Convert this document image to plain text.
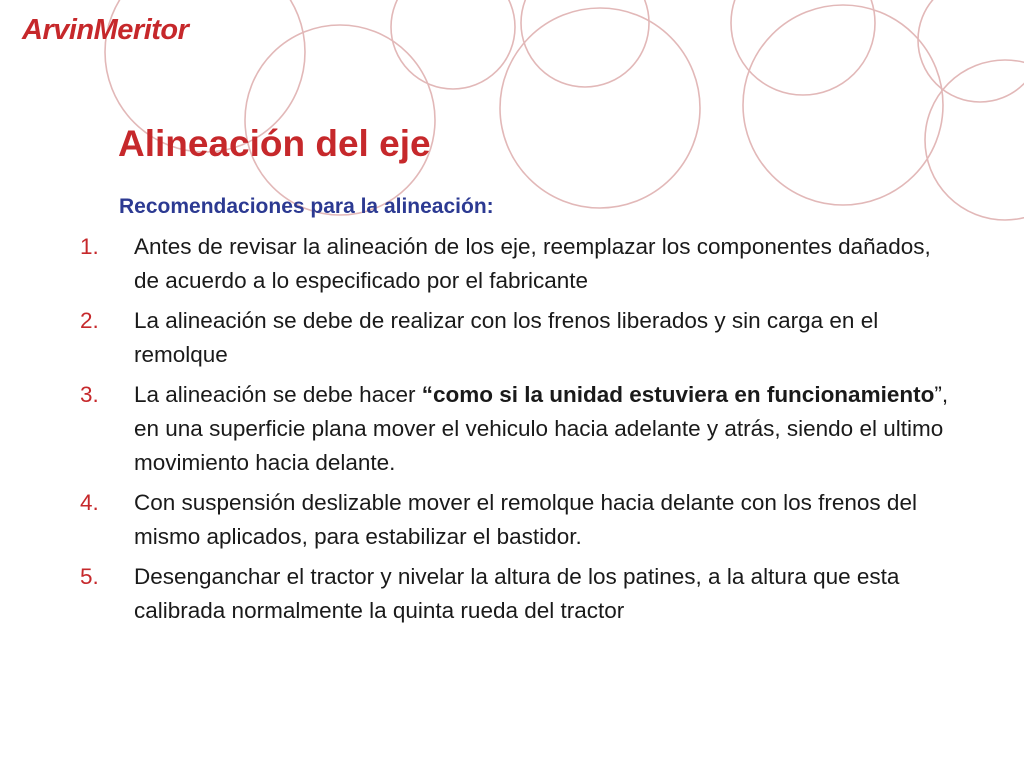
ArvinMeritor
Alineación del eje
Recomendaciones para la alineación:
1. Antes de revisar la alineación de los eje, reemplazar los componentes dañados, de acuerdo a lo especificado por el fabricante
2. La alineación se debe de realizar con los frenos liberados y sin carga en el remolque
3. La alineación se debe hacer “como si la unidad estuviera en funcionamiento”, en una superficie plana mover el vehiculo hacia adelante y atrás, siendo el ultimo movimiento hacia delante.
4. Con suspensión deslizable mover el remolque hacia delante con los frenos del mismo aplicados, para estabilizar el bastidor.
5. Desenganchar el tractor y nivelar la altura de los patines, a la altura que esta calibrada normalmente la quinta rueda del tractor
